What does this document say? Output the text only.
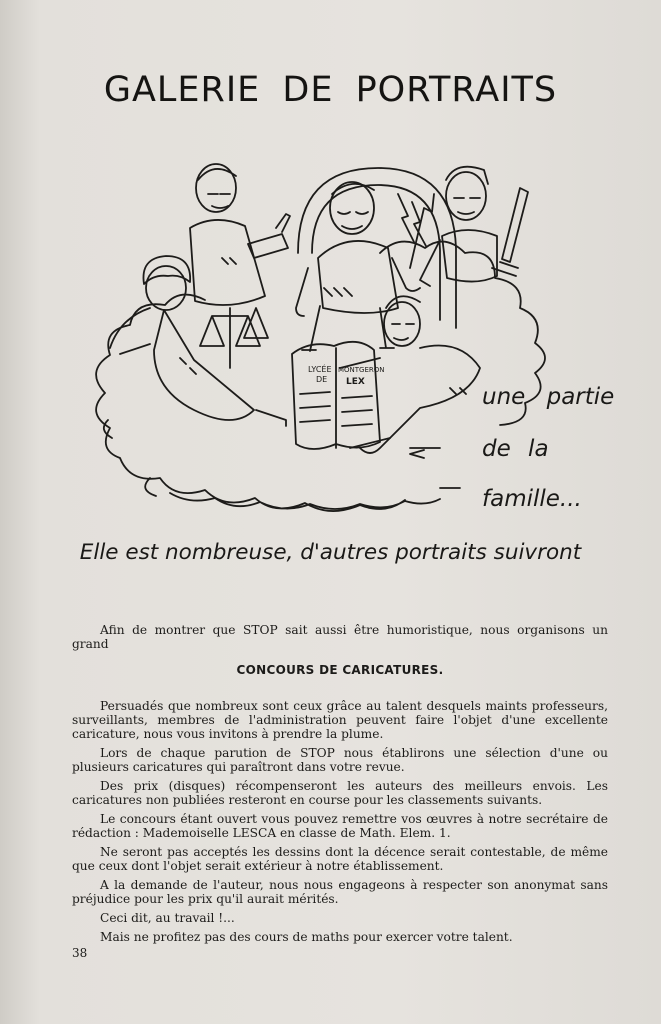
GALERIE DE PORTRAITS
LYCÉE
DE
MONTGERON
LEX
une partie
de la
famille...
Elle est nombreuse, d'autres portraits suivront

Afin de montrer que STOP sait aussi être humoristique, nous organisons un grand

CONCOURS DE CARICATURES.

Persuadés que nombreux sont ceux grâce au talent desquels maints professeurs, surveillants, membres de l'administration peuvent faire l'objet d'une excellente caricature, nous vous invitons à prendre la plume.

Lors de chaque parution de STOP nous établirons une sélection d'une ou plusieurs caricatures qui paraîtront dans votre revue.

Des prix (disques) récompenseront les auteurs des meilleurs envois. Les caricatures non publiées resteront en course pour les classements suivants.

Le concours étant ouvert vous pouvez remettre vos œuvres à notre secrétaire de rédaction : Mademoiselle LESCA en classe de Math. Elem. 1.

Ne seront pas acceptés les dessins dont la décence serait contestable, de même que ceux dont l'objet serait extérieur à notre établissement.

A la demande de l'auteur, nous nous engageons à respecter son anonymat sans préjudice pour les prix qu'il aurait mérités.

Ceci dit, au travail !...

Mais ne profitez pas des cours de maths pour exercer votre talent.

38
